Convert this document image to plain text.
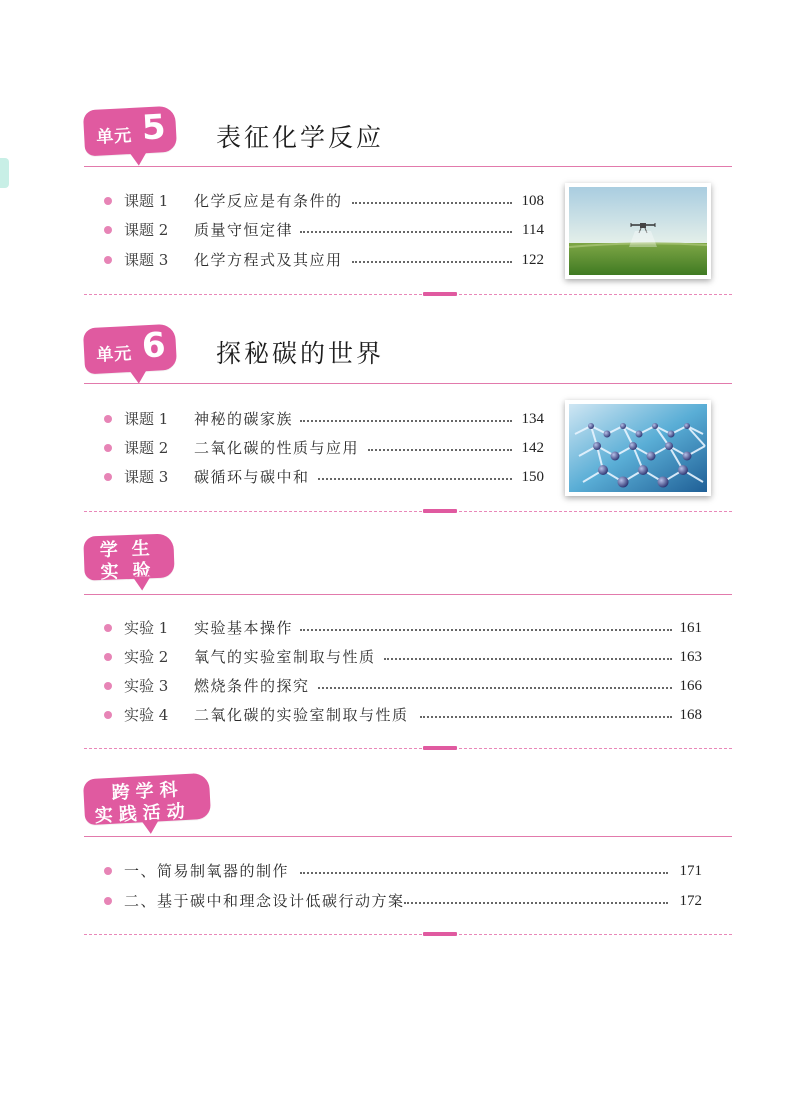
单元 5 表征化学反应
课题 1 化学反应是有条件的	108
课题 2 质量守恒定律	114
课题 3 化学方程式及其应用	122
单元 6 探秘碳的世界
课题 1 神秘的碳家族	134
课题 2 二氧化碳的性质与应用	142
课题 3 碳循环与碳中和	150
学生
实验
实验 1 实验基本操作	161
实验 2 氧气的实验室制取与性质	163
实验 3 燃烧条件的探究	166
实验 4 二氧化碳的实验室制取与性质	168
跨学科
实践活动
一、简易制氧器的制作	171
二、基于碳中和理念设计低碳行动方案	172
